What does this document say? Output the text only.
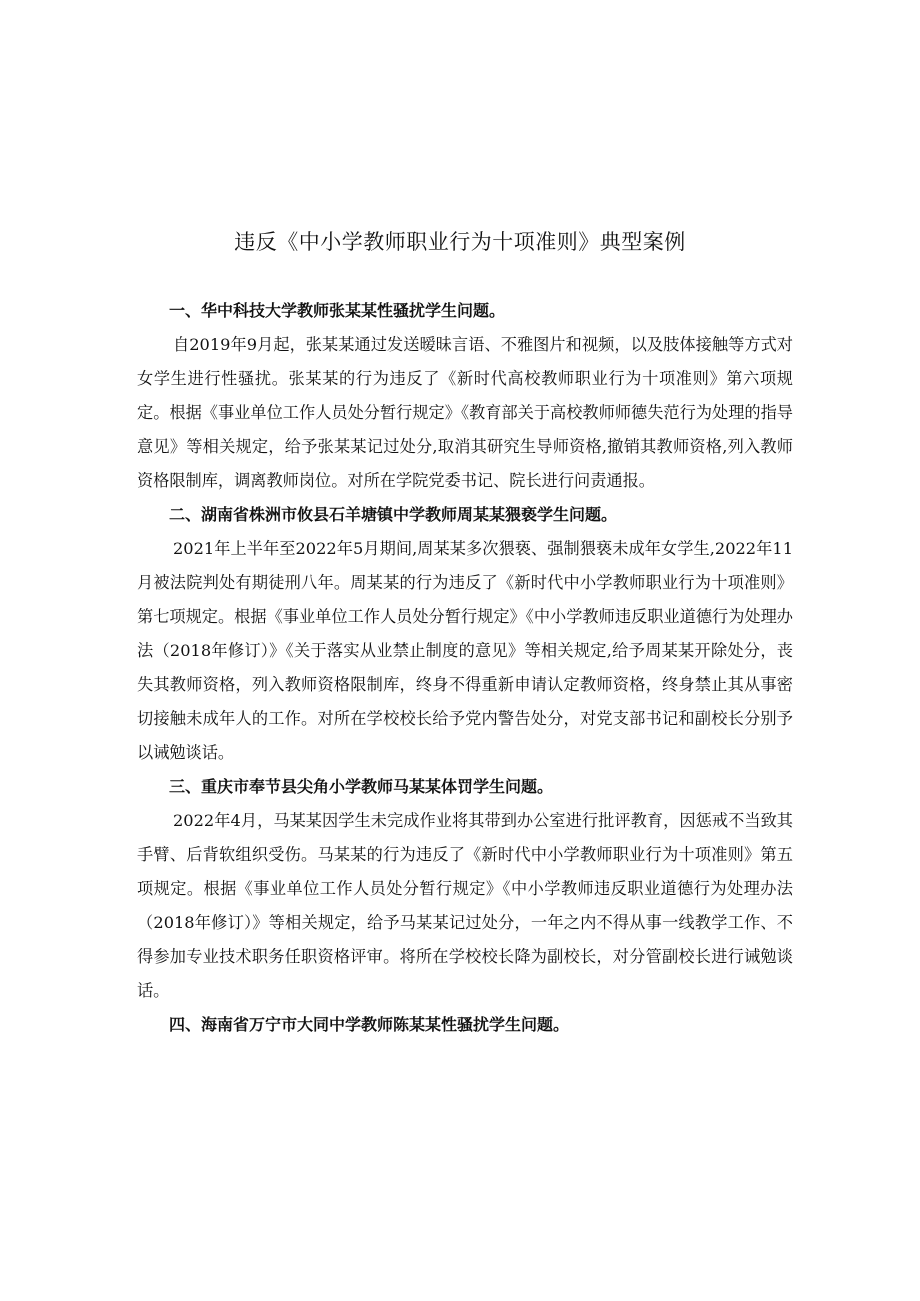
违反《中小学教师职业行为十项准则》典型案例

一、华中科技大学教师张某某性骚扰学生问题。

自2019年9月起，张某某通过发送暧昧言语、不雅图片和视频，以及肢体接触等方式对女学生进行性骚扰。张某某的行为违反了《新时代高校教师职业行为十项准则》第六项规定。根据《事业单位工作人员处分暂行规定》《教育部关于高校教师师德失范行为处理的指导意见》等相关规定，给予张某某记过处分,取消其研究生导师资格,撤销其教师资格,列入教师资格限制库，调离教师岗位。对所在学院党委书记、院长进行问责通报。

二、湖南省株洲市攸县石羊塘镇中学教师周某某猥亵学生问题。

2021年上半年至2022年5月期间,周某某多次猥亵、强制猥亵未成年女学生,2022年11月被法院判处有期徒刑八年。周某某的行为违反了《新时代中小学教师职业行为十项准则》第七项规定。根据《事业单位工作人员处分暂行规定》《中小学教师违反职业道德行为处理办法（2018年修订）》《关于落实从业禁止制度的意见》等相关规定,给予周某某开除处分，丧失其教师资格，列入教师资格限制库，终身不得重新申请认定教师资格，终身禁止其从事密切接触未成年人的工作。对所在学校校长给予党内警告处分，对党支部书记和副校长分别予以诫勉谈话。

三、重庆市奉节县尖角小学教师马某某体罚学生问题。

2022年4月，马某某因学生未完成作业将其带到办公室进行批评教育，因惩戒不当致其手臂、后背软组织受伤。马某某的行为违反了《新时代中小学教师职业行为十项准则》第五项规定。根据《事业单位工作人员处分暂行规定》《中小学教师违反职业道德行为处理办法（2018年修订）》等相关规定，给予马某某记过处分，一年之内不得从事一线教学工作、不得参加专业技术职务任职资格评审。将所在学校校长降为副校长，对分管副校长进行诫勉谈话。

四、海南省万宁市大同中学教师陈某某性骚扰学生问题。
